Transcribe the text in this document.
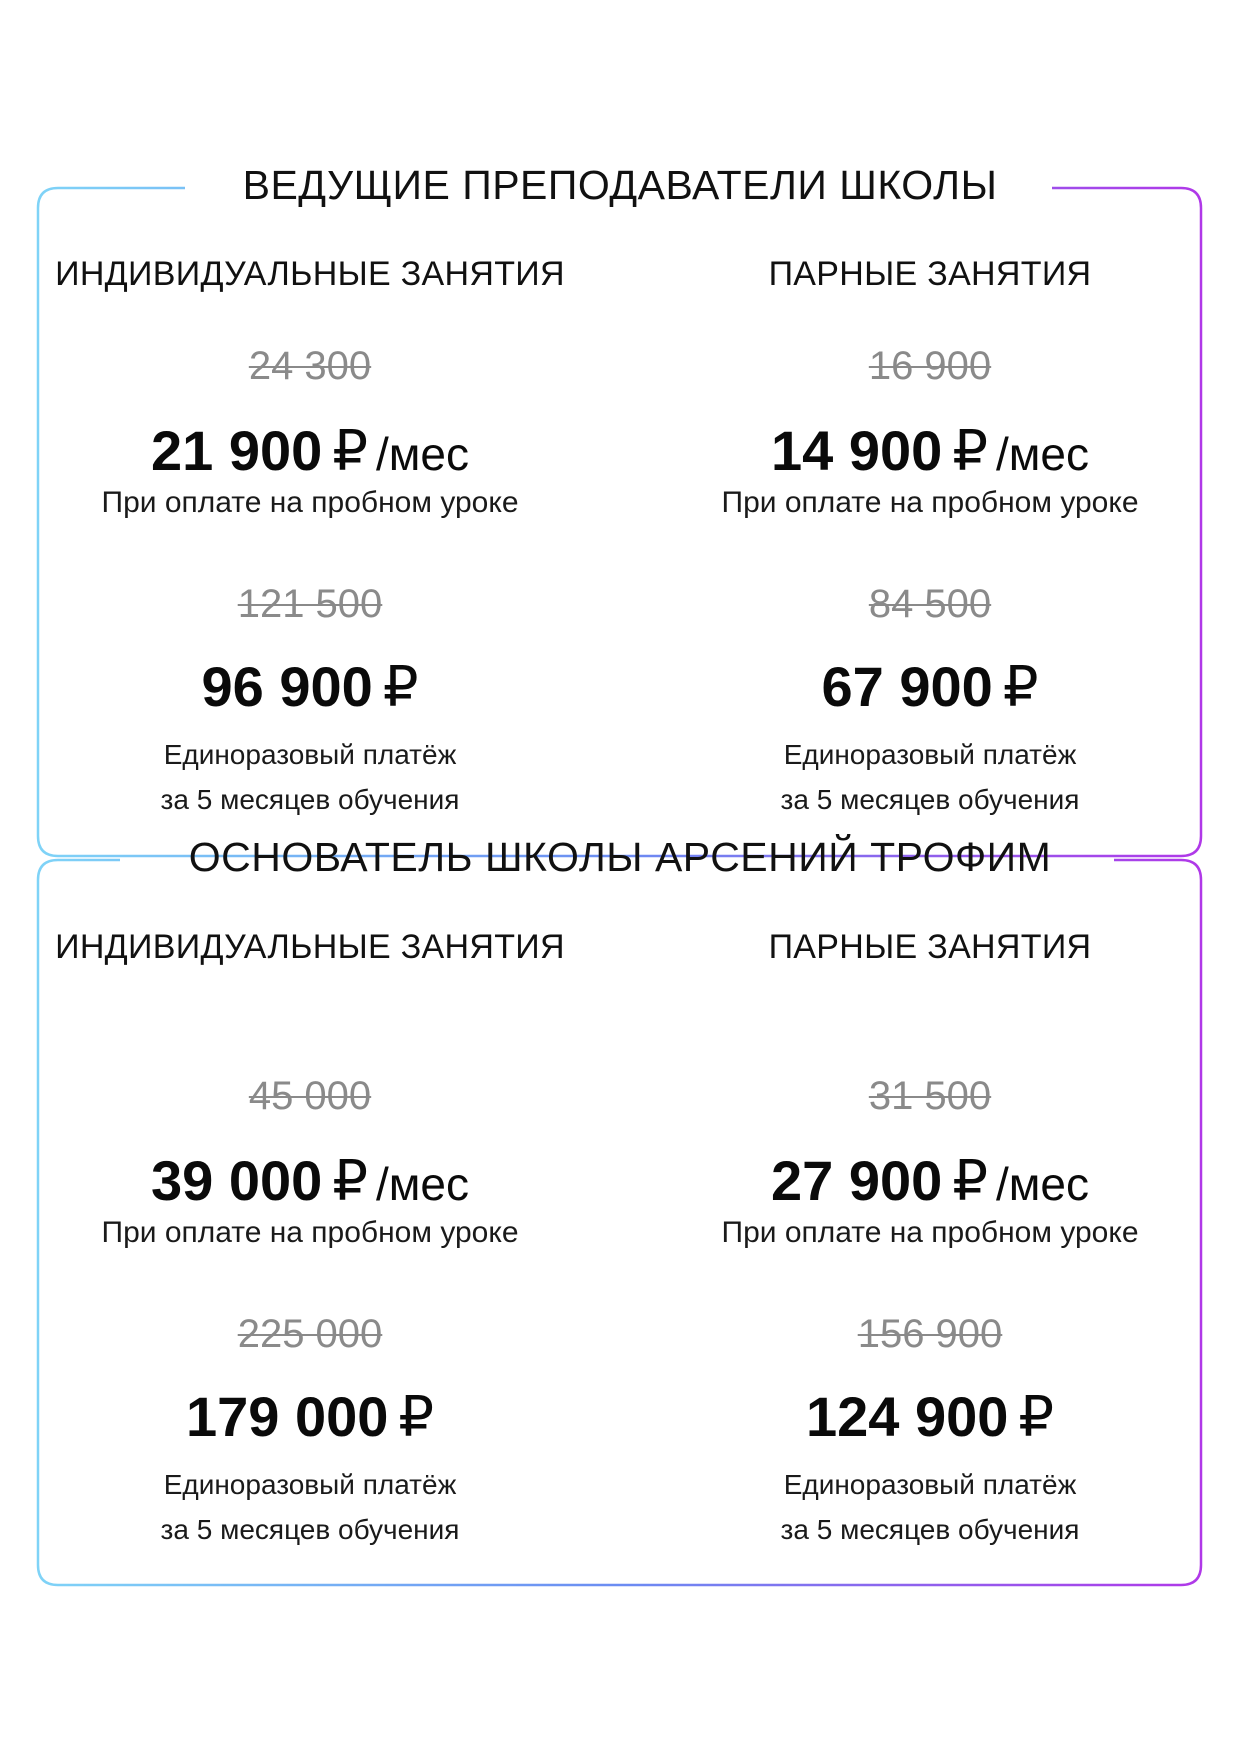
ВЕДУЩИЕ ПРЕПОДАВАТЕЛИ ШКОЛЫ
ИНДИВИДУАЛЬНЫЕ ЗАНЯТИЯ
24 300
21 900 ₽ /мес
При оплате на пробном уроке
121 500
96 900 ₽
Единоразовый платёж
за 5 месяцев обучения
ПАРНЫЕ ЗАНЯТИЯ
16 900
14 900 ₽ /мес
При оплате на пробном уроке
84 500
67 900 ₽
Единоразовый платёж
за 5 месяцев обучения
ОСНОВАТЕЛЬ ШКОЛЫ АРСЕНИЙ ТРОФИМ
ИНДИВИДУАЛЬНЫЕ ЗАНЯТИЯ
45 000
39 000 ₽ /мес
При оплате на пробном уроке
225 000
179 000 ₽
Единоразовый платёж
за 5 месяцев обучения
ПАРНЫЕ ЗАНЯТИЯ
31 500
27 900 ₽ /мес
При оплате на пробном уроке
156 900
124 900 ₽
Единоразовый платёж
за 5 месяцев обучения
